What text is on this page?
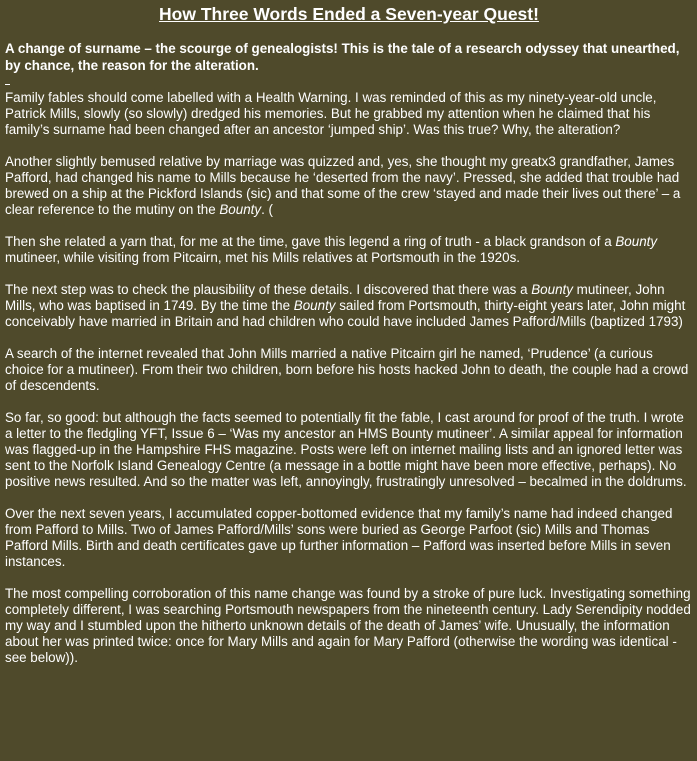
How Three Words Ended a Seven-year Quest!
A change of surname – the scourge of genealogists! This is the tale of a research odyssey that unearthed, by chance, the reason for the alteration.

Family fables should come labelled with a Health Warning. I was reminded of this as my ninety-year-old uncle, Patrick Mills, slowly (so slowly) dredged his memories. But he grabbed my attention when he claimed that his family’s surname had been changed after an ancestor ‘jumped ship’. Was this true? Why, the alteration?

Another slightly bemused relative by marriage was quizzed and, yes, she thought my greatx3 grandfather, James Pafford, had changed his name to Mills because he ‘deserted from the navy’. Pressed, she added that trouble had brewed on a ship at the Pickford Islands (sic) and that some of the crew ‘stayed and made their lives out there’ – a clear reference to the mutiny on the Bounty. (

Then she related a yarn that, for me at the time, gave this legend a ring of truth - a black grandson of a Bounty mutineer, while visiting from Pitcairn, met his Mills relatives at Portsmouth in the 1920s.

The next step was to check the plausibility of these details. I discovered that there was a Bounty mutineer, John Mills, who was baptised in 1749. By the time the Bounty sailed from Portsmouth, thirty-eight years later, John might conceivably have married in Britain and had children who could have included James Pafford/Mills (baptized 1793)

A search of the internet revealed that John Mills married a native Pitcairn girl he named, ‘Prudence’ (a curious choice for a mutineer). From their two children, born before his hosts hacked John to death, the couple had a crowd of descendents.

So far, so good: but although the facts seemed to potentially fit the fable, I cast around for proof of the truth. I wrote a letter to the fledgling YFT, Issue 6 – ‘Was my ancestor an HMS Bounty mutineer’. A similar appeal for information was flagged-up in the Hampshire FHS magazine. Posts were left on internet mailing lists and an ignored letter was sent to the Norfolk Island Genealogy Centre (a message in a bottle might have been more effective, perhaps). No positive news resulted. And so the matter was left, annoyingly, frustratingly unresolved – becalmed in the doldrums.

Over the next seven years, I accumulated copper-bottomed evidence that my family’s name had indeed changed from Pafford to Mills. Two of James Pafford/Mills’ sons were buried as George Parfoot (sic) Mills and Thomas Pafford Mills. Birth and death certificates gave up further information – Pafford was inserted before Mills in seven instances.

The most compelling corroboration of this name change was found by a stroke of pure luck. Investigating something completely different, I was searching Portsmouth newspapers from the nineteenth century. Lady Serendipity nodded my way and I stumbled upon the hitherto unknown details of the death of James’ wife. Unusually, the information about her was printed twice: once for Mary Mills and again for Mary Pafford (otherwise the wording was identical - see below)).
